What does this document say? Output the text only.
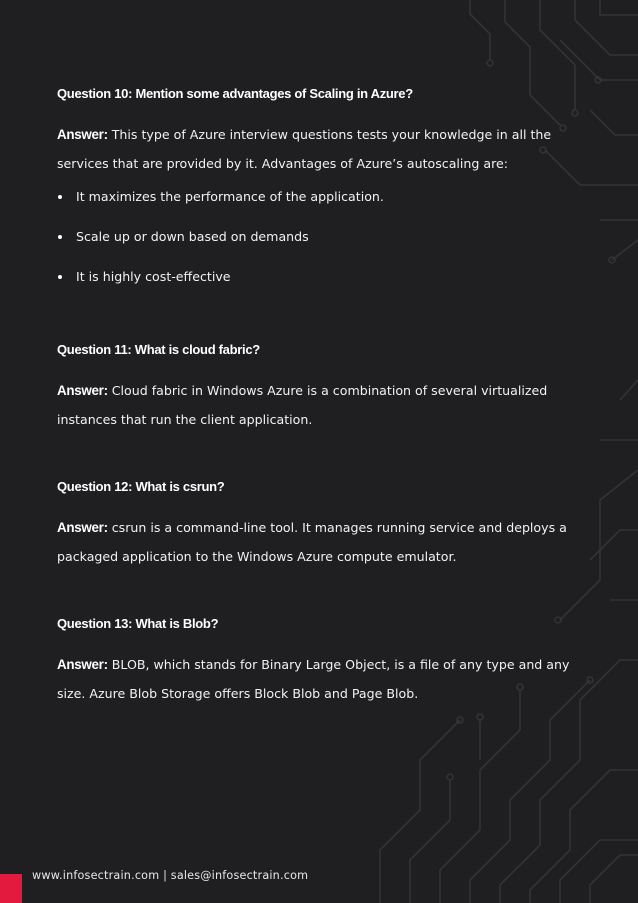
Question 10: Mention some advantages of Scaling in Azure?

Answer: This type of Azure interview questions tests your knowledge in all the

services that are provided by it. Advantages of Azure’s autoscaling are:

It maximizes the performance of the application.
Scale up or down based on demands
It is highly cost-effective

Question 11: What is cloud fabric?

Answer: Cloud fabric in Windows Azure is a combination of several virtualized

instances that run the client application.

Question 12: What is csrun?

Answer: csrun is a command-line tool. It manages running service and deploys a

packaged application to the Windows Azure compute emulator.

Question 13: What is Blob?

Answer: BLOB, which stands for Binary Large Object, is a file of any type and any

size. Azure Blob Storage offers Block Blob and Page Blob.

www.infosectrain.com | sales@infosectrain.com
